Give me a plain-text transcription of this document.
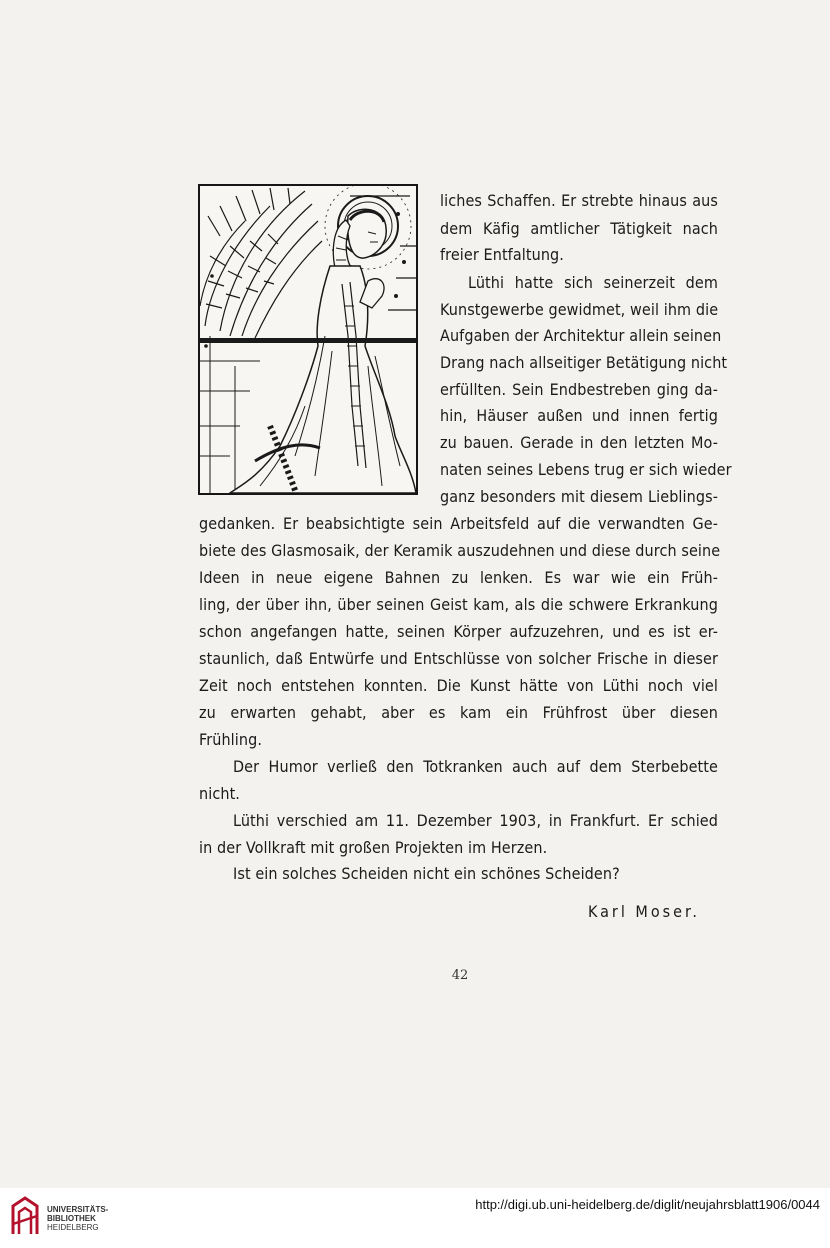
liches Schaffen. Er strebte hinaus aus
dem Käfig amtlicher Tätigkeit nach
freier Entfaltung.
Lüthi hatte sich seinerzeit dem
Kunstgewerbe gewidmet, weil ihm die
Aufgaben der Architektur allein seinen
Drang nach allseitiger Betätigung nicht
erfüllten. Sein Endbestreben ging da-
hin, Häuser außen und innen fertig
zu bauen. Gerade in den letzten Mo-
naten seines Lebens trug er sich wieder
ganz besonders mit diesem Lieblings-
gedanken. Er beabsichtigte sein Arbeitsfeld auf die verwandten Ge-
biete des Glasmosaik, der Keramik auszudehnen und diese durch seine
Ideen in neue eigene Bahnen zu lenken. Es war wie ein Früh-
ling, der über ihn, über seinen Geist kam, als die schwere Erkrankung
schon angefangen hatte, seinen Körper aufzuzehren, und es ist er-
staunlich, daß Entwürfe und Entschlüsse von solcher Frische in dieser
Zeit noch entstehen konnten. Die Kunst hätte von Lüthi noch viel
zu erwarten gehabt, aber es kam ein Frühfrost über diesen
Frühling.
Der Humor verließ den Totkranken auch auf dem Sterbebette
nicht.
Lüthi verschied am 11. Dezember 1903, in Frankfurt. Er schied
in der Vollkraft mit großen Projekten im Herzen.
Ist ein solches Scheiden nicht ein schönes Scheiden?
Karl Moser.
42
UNIVERSITÄTS-
BIBLIOTHEK
HEIDELBERG
http://digi.ub.uni-heidelberg.de/diglit/neujahrsblatt1906/0044
